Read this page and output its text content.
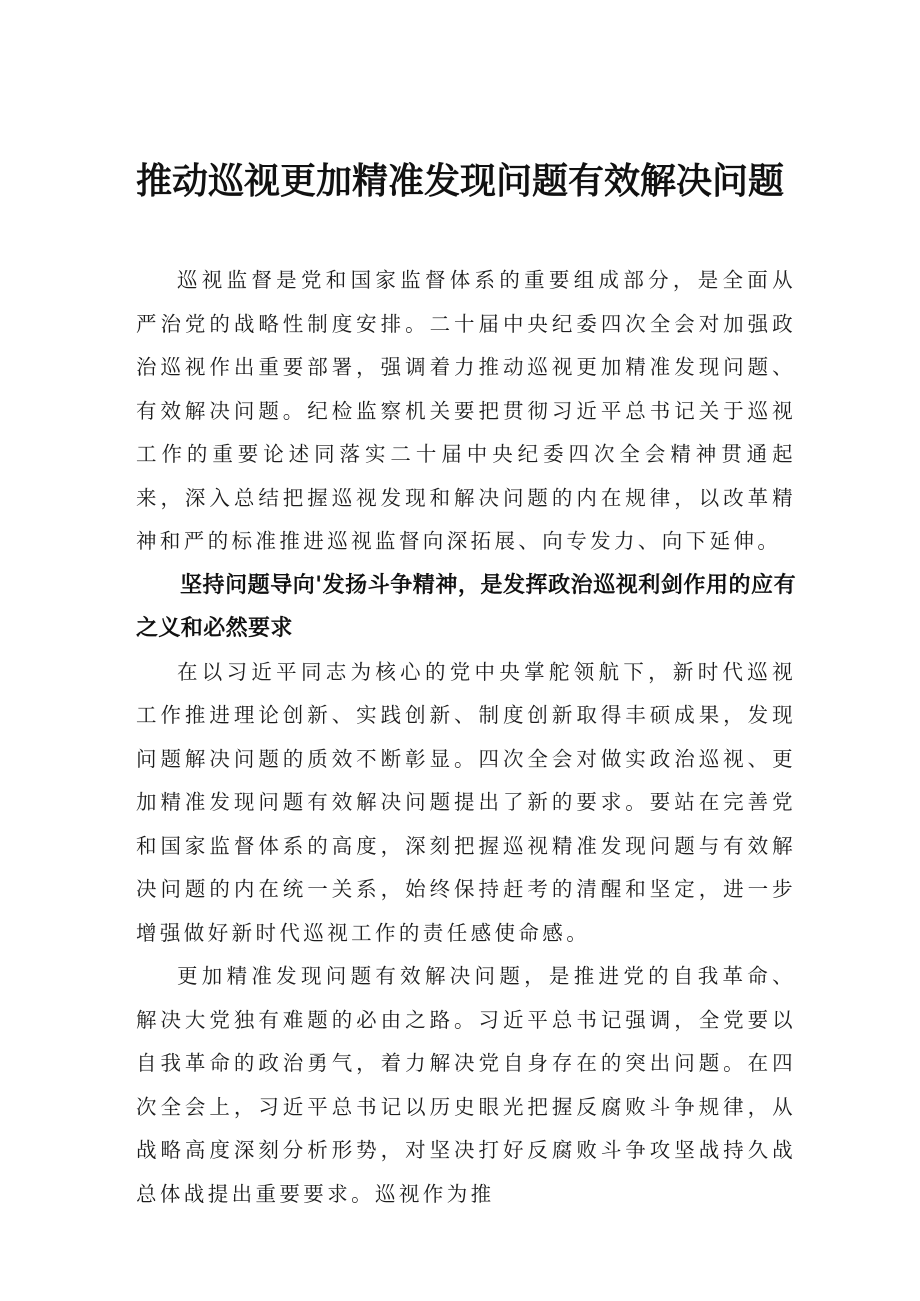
推动巡视更加精准发现问题有效解决问题

巡视监督是党和国家监督体系的重要组成部分，是全面从严治党的战略性制度安排。二十届中央纪委四次全会对加强政治巡视作出重要部署，强调着力推动巡视更加精准发现问题、有效解决问题。纪检监察机关要把贯彻习近平总书记关于巡视工作的重要论述同落实二十届中央纪委四次全会精神贯通起来，深入总结把握巡视发现和解决问题的内在规律，以改革精神和严的标准推进巡视监督向深拓展、向专发力、向下延伸。

坚持问题导向'发扬斗争精神，是发挥政治巡视利剑作用的应有之义和必然要求

在以习近平同志为核心的党中央掌舵领航下，新时代巡视工作推进理论创新、实践创新、制度创新取得丰硕成果，发现问题解决问题的质效不断彰显。四次全会对做实政治巡视、更加精准发现问题有效解决问题提出了新的要求。要站在完善党和国家监督体系的高度，深刻把握巡视精准发现问题与有效解决问题的内在统一关系，始终保持赶考的清醒和坚定，进一步增强做好新时代巡视工作的责任感使命感。

更加精准发现问题有效解决问题，是推进党的自我革命、解决大党独有难题的必由之路。习近平总书记强调，全党要以自我革命的政治勇气，着力解决党自身存在的突出问题。在四次全会上，习近平总书记以历史眼光把握反腐败斗争规律，从战略高度深刻分析形势，对坚决打好反腐败斗争攻坚战持久战总体战提出重要要求。巡视作为推
